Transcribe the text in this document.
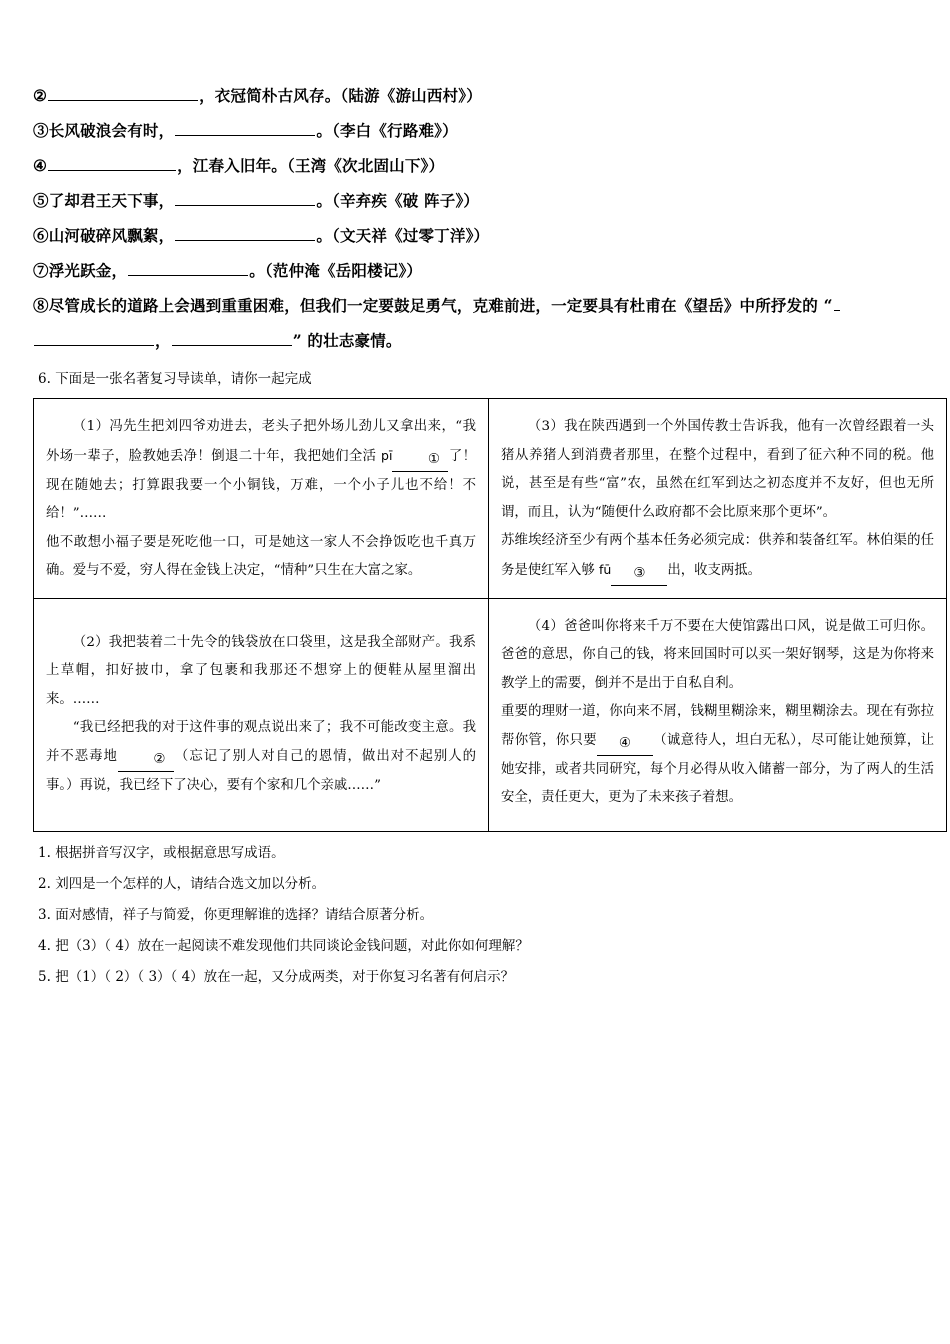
②	，衣冠简朴古风存。（陆游《游山西村》）
③长风破浪会有时，	。（李白《行路难》）
④	，江春入旧年。（王湾《次北固山下》）
⑤了却君王天下事，	。（辛弃疾《破 阵子》）
⑥山河破碎风飘絮，	。（文天祥《过零丁洋》）
⑦浮光跃金，	。（范仲淹《岳阳楼记》）
⑧尽管成长的道路上会遇到重重困难，但我们一定要鼓足勇气，克难前进，一定要具有杜甫在《望岳》中所抒发的 “，	” 的壮志豪情。
6. 下面是一张名著复习导读单，请你一起完成

（1）冯先生把刘四爷劝进去，老头子把外场儿劲儿又拿出来，“我外场一辈子，脸教她丢净！倒退二十年，我把她们全活 pī	① 了！现在随她去；打算跟我要一个小铜钱，万难，一个小子儿也不给！不给！”……

他不敢想小福子要是死吃他一口，可是她这一家人不会挣饭吃也千真万确。爱与不爱，穷人得在金钱上决定，“情种”只生在大富之家。

（3）我在陕西遇到一个外国传教士告诉我，他有一次曾经跟着一头猪从养猪人到消费者那里，在整个过程中，看到了征六种不同的税。他说，甚至是有些“富”农，虽然在红军到达之初态度并不友好，但也无所谓，而且，认为“随便什么政府都不会比原来那个更坏”。

苏维埃经济至少有两个基本任务必须完成：供养和装备红军。林伯渠的任务是使红军入够 fū ③ 出，收支两抵。

（2）我把装着二十先令的钱袋放在口袋里，这是我全部财产。我系上草帽，扣好披巾，拿了包裹和我那还不想穿上的便鞋从屋里溜出来。……

“我已经把我的对于这件事的观点说出来了；我不可能改变主意。我并不恶毒地	② （忘记了别人对自己的恩情，做出对不起别人的事。）再说，我已经下了决心，要有个家和几个亲戚……”

（4）爸爸叫你将来千万不要在大使馆露出口风，说是做工可归你。爸爸的意思，你自己的钱，将来回国时可以买一架好钢琴，这是为你将来教学上的需要，倒并不是出于自私自利。

重要的理财一道，你向来不屑，钱糊里糊涂来，糊里糊涂去。现在有弥拉帮你管，你只要 ④ （诚意待人，坦白无私），尽可能让她预算，让她安排，或者共同研究，每个月必得从收入储蓄一部分，为了两人的生活安全，责任更大，更为了未来孩子着想。

1. 根据拼音写汉字，或根据意思写成语。
2. 刘四是一个怎样的人，请结合选文加以分析。
3. 面对感情，祥子与简爱，你更理解谁的选择？请结合原著分析。
4. 把（3）（ 4）放在一起阅读不难发现他们共同谈论金钱问题，对此你如何理解？
5. 把（1）（ 2）（ 3）（ 4）放在一起，又分成两类，对于你复习名著有何启示？
